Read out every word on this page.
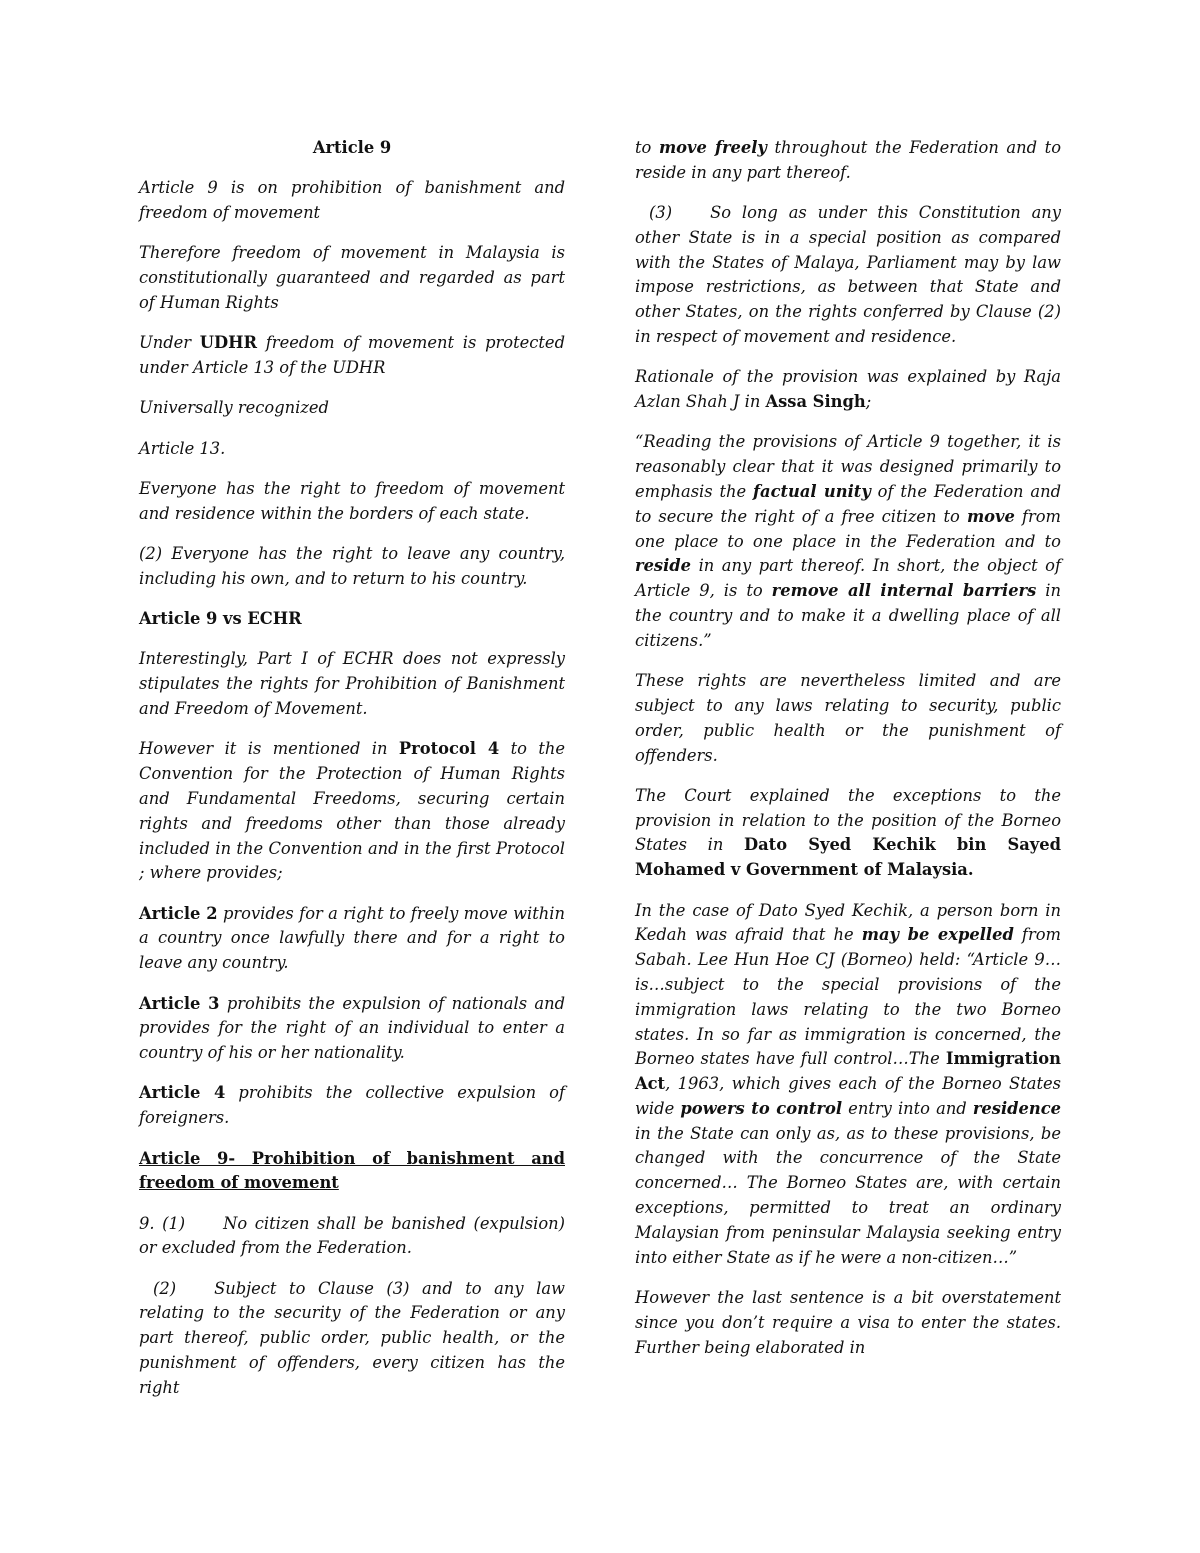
Article 9

Article 9 is on prohibition of banishment and freedom of movement

Therefore freedom of movement in Malaysia is constitutionally guaranteed and regarded as part of Human Rights

Under UDHR freedom of movement is protected under Article 13 of the UDHR

Universally recognized

Article 13.

Everyone has the right to freedom of movement and residence within the borders of each state.

(2) Everyone has the right to leave any country, including his own, and to return to his country.

Article 9 vs ECHR

Interestingly, Part I of ECHR does not expressly stipulates the rights for Prohibition of Banishment and Freedom of Movement.

However it is mentioned in Protocol 4 to the Convention for the Protection of Human Rights and Fundamental Freedoms, securing certain rights and freedoms other than those already included in the Convention and in the first Protocol ; where provides;

Article 2 provides for a right to freely move within a country once lawfully there and for a right to leave any country.

Article 3 prohibits the expulsion of nationals and provides for the right of an individual to enter a country of his or her nationality.

Article 4 prohibits the collective expulsion of foreigners.

Article 9- Prohibition of banishment and freedom of movement

9. (1) No citizen shall be banished (expulsion) or excluded from the Federation.

(2) Subject to Clause (3) and to any law relating to the security of the Federation or any part thereof, public order, public health, or the punishment of offenders, every citizen has the right

to move freely throughout the Federation and to reside in any part thereof.

(3) So long as under this Constitution any other State is in a special position as compared with the States of Malaya, Parliament may by law impose restrictions, as between that State and other States, on the rights conferred by Clause (2) in respect of movement and residence.

Rationale of the provision was explained by Raja Azlan Shah J in Assa Singh;

“Reading the provisions of Article 9 together, it is reasonably clear that it was designed primarily to emphasis the factual unity of the Federation and to secure the right of a free citizen to move from one place to one place in the Federation and to reside in any part thereof. In short, the object of Article 9, is to remove all internal barriers in the country and to make it a dwelling place of all citizens.”

These rights are nevertheless limited and are subject to any laws relating to security, public order, public health or the punishment of offenders.

The Court explained the exceptions to the provision in relation to the position of the Borneo States in Dato Syed Kechik bin Sayed Mohamed v Government of Malaysia.

In the case of Dato Syed Kechik, a person born in Kedah was afraid that he may be expelled from Sabah. Lee Hun Hoe CJ (Borneo) held: “Article 9…is…subject to the special provisions of the immigration laws relating to the two Borneo states. In so far as immigration is concerned, the Borneo states have full control…The Immigration Act, 1963, which gives each of the Borneo States wide powers to control entry into and residence in the State can only as, as to these provisions, be changed with the concurrence of the State concerned… The Borneo States are, with certain exceptions, permitted to treat an ordinary Malaysian from peninsular Malaysia seeking entry into either State as if he were a non-citizen…”

However the last sentence is a bit overstatement since you don’t require a visa to enter the states. Further being elaborated in
